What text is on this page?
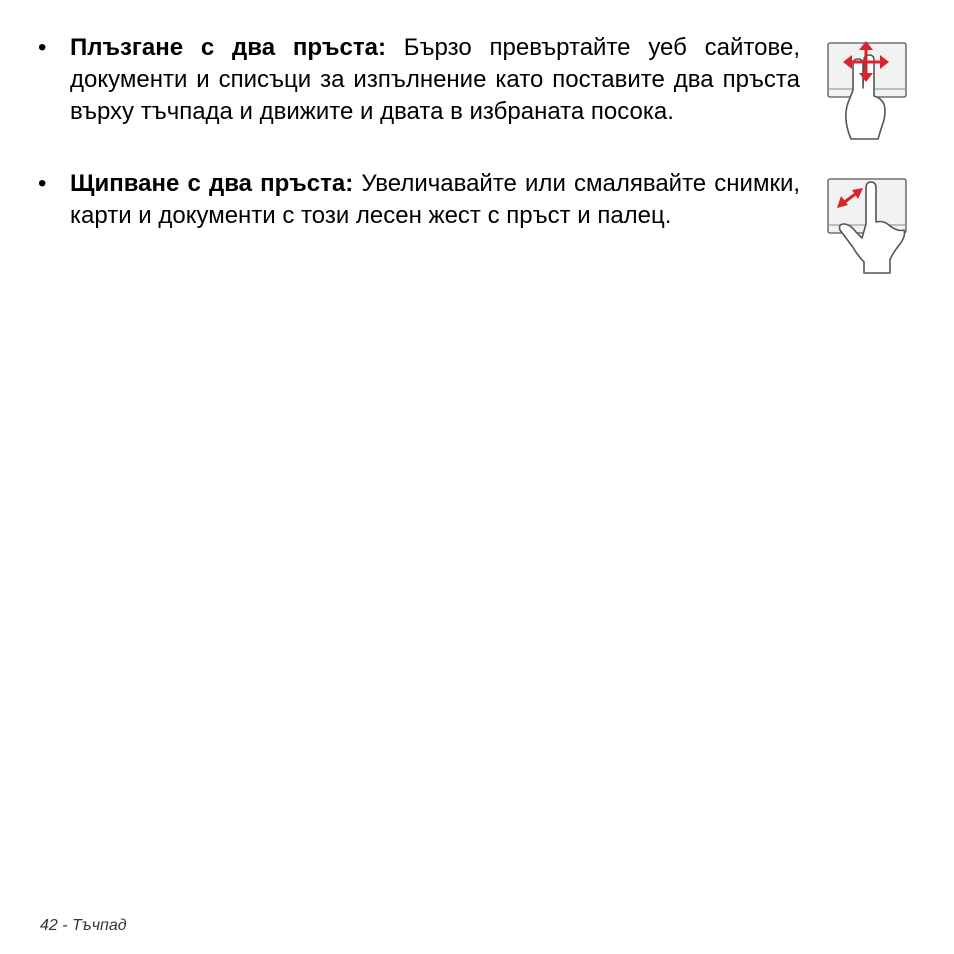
• Плъзгане с два пръста: Бързо превъртайте уеб сайтове, документи и списъци за изпълнение като поставите два пръста върху тъчпада и движите и двата в избраната посока.
• Щипване с два пръста: Увеличавайте или смалявайте снимки, карти и документи с този лесен жест с пръст и палец.
42 - Тъчпад
